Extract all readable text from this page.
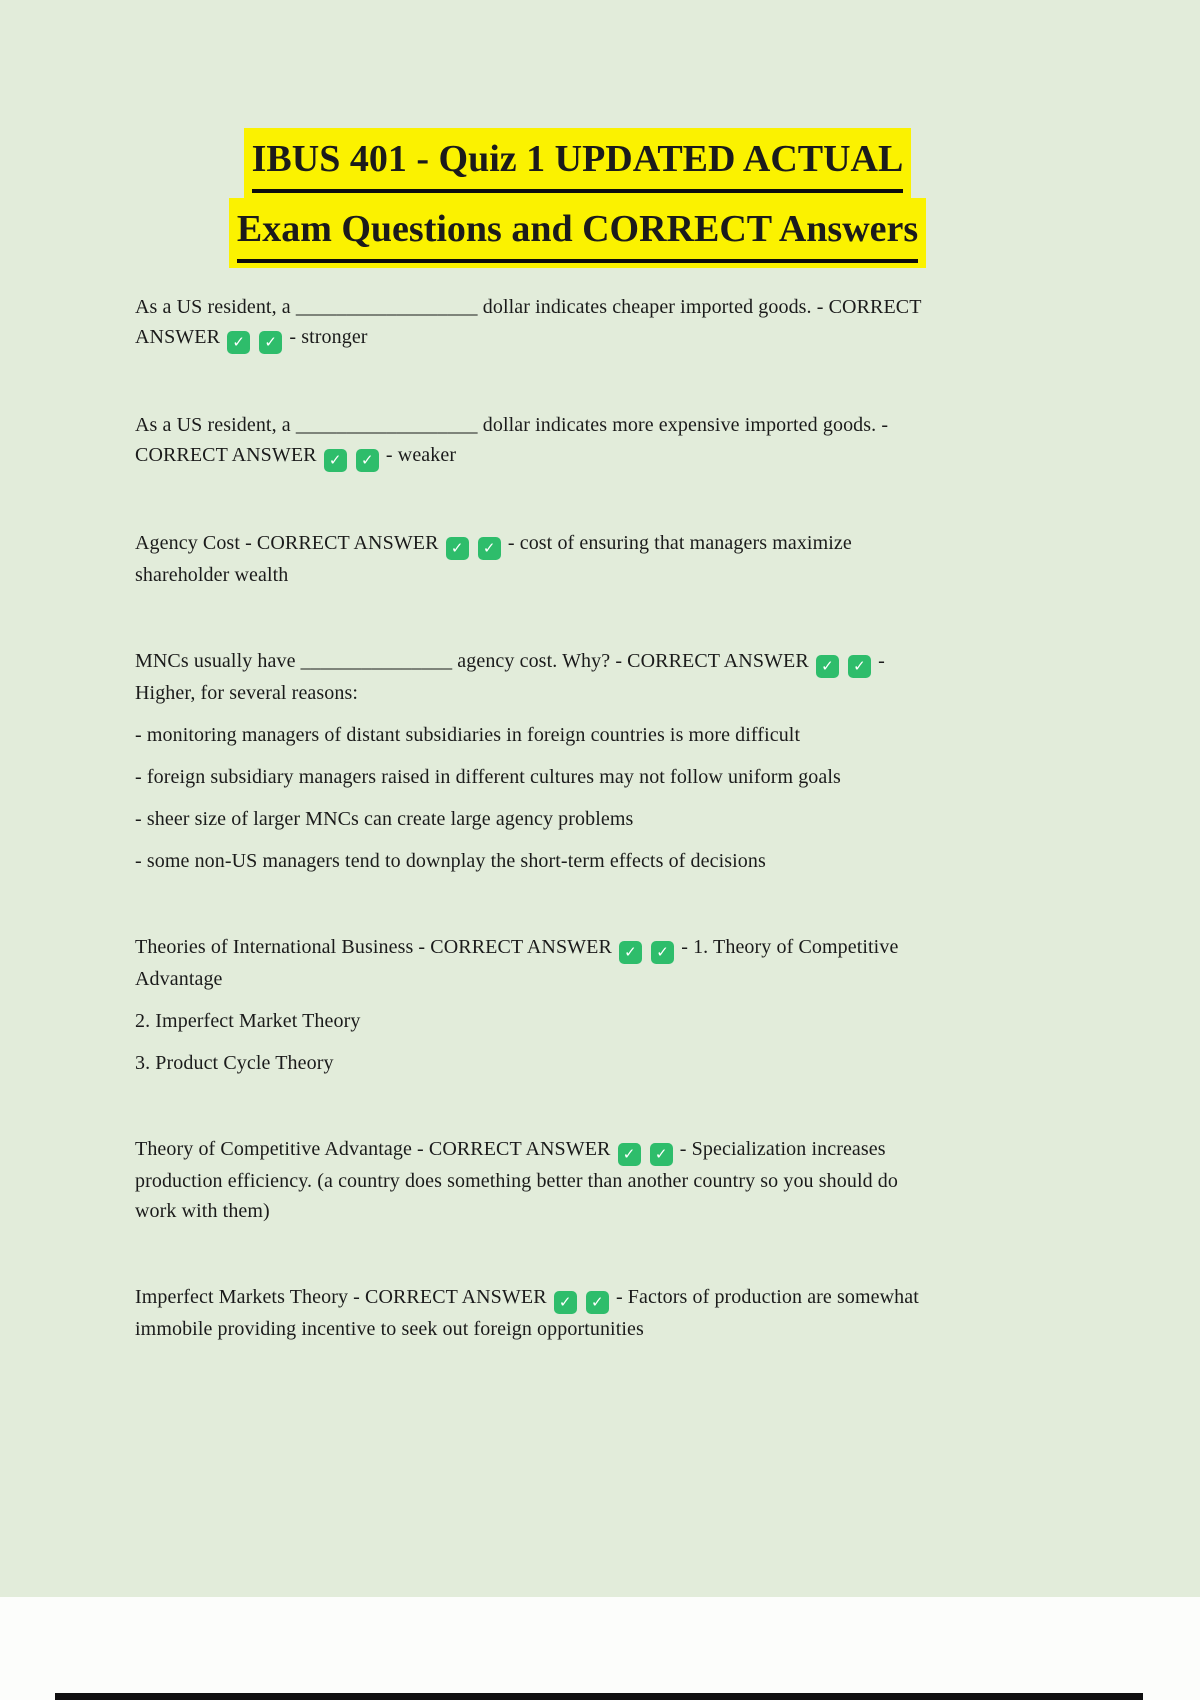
IBUS 401 - Quiz 1 UPDATED ACTUAL
Exam Questions and CORRECT Answers

As a US resident, a __________________ dollar indicates cheaper imported goods. - CORRECT
ANSWER ✓ ✓ - stronger

As a US resident, a __________________ dollar indicates more expensive imported goods. -
CORRECT ANSWER ✓ ✓ - weaker

Agency Cost - CORRECT ANSWER ✓ ✓ - cost of ensuring that managers maximize
shareholder wealth

MNCs usually have _______________ agency cost. Why? - CORRECT ANSWER ✓ ✓ -
Higher, for several reasons:

- monitoring managers of distant subsidiaries in foreign countries is more difficult

- foreign subsidiary managers raised in different cultures may not follow uniform goals

- sheer size of larger MNCs can create large agency problems

- some non-US managers tend to downplay the short-term effects of decisions

Theories of International Business - CORRECT ANSWER ✓ ✓ - 1. Theory of Competitive
Advantage

2. Imperfect Market Theory

3. Product Cycle Theory

Theory of Competitive Advantage - CORRECT ANSWER ✓ ✓ - Specialization increases
production efficiency. (a country does something better than another country so you should do
work with them)

Imperfect Markets Theory - CORRECT ANSWER ✓ ✓ - Factors of production are somewhat
immobile providing incentive to seek out foreign opportunities
